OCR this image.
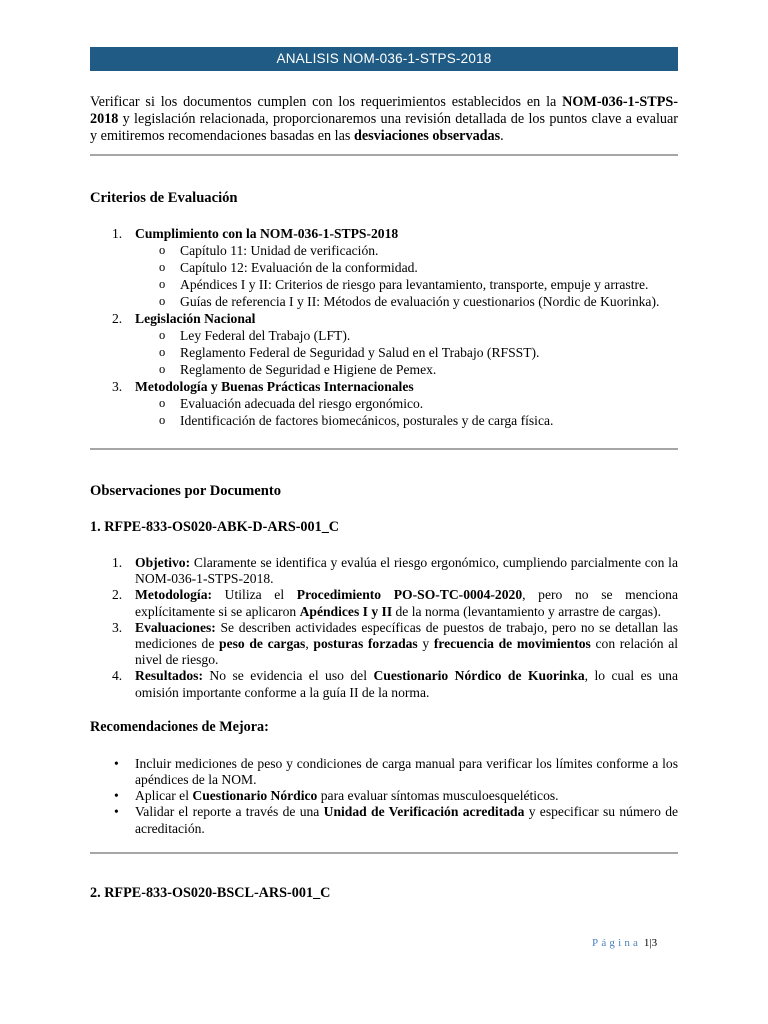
ANALISIS NOM-036-1-STPS-2018

Verificar si los documentos cumplen con los requerimientos establecidos en la NOM-036-1-STPS-2018 y legislación relacionada, proporcionaremos una revisión detallada de los puntos clave a evaluar y emitiremos recomendaciones basadas en las desviaciones observadas.

Criterios de Evaluación
1. Cumplimiento con la NOM-036-1-STPS-2018
o Capítulo 11: Unidad de verificación.
o Capítulo 12: Evaluación de la conformidad.
o Apéndices I y II: Criterios de riesgo para levantamiento, transporte, empuje y arrastre.
o Guías de referencia I y II: Métodos de evaluación y cuestionarios (Nordic de Kuorinka).
2. Legislación Nacional
o Ley Federal del Trabajo (LFT).
o Reglamento Federal de Seguridad y Salud en el Trabajo (RFSST).
o Reglamento de Seguridad e Higiene de Pemex.
3. Metodología y Buenas Prácticas Internacionales
o Evaluación adecuada del riesgo ergonómico.
o Identificación de factores biomecánicos, posturales y de carga física.
Observaciones por Documento
1. RFPE-833-OS020-ABK-D-ARS-001_C
1. Objetivo: Claramente se identifica y evalúa el riesgo ergonómico, cumpliendo parcialmente con la NOM-036-1-STPS-2018.
2. Metodología: Utiliza el Procedimiento PO-SO-TC-0004-2020, pero no se menciona explícitamente si se aplicaron Apéndices I y II de la norma (levantamiento y arrastre de cargas).
3. Evaluaciones: Se describen actividades específicas de puestos de trabajo, pero no se detallan las mediciones de peso de cargas, posturas forzadas y frecuencia de movimientos con relación al nivel de riesgo.
4. Resultados: No se evidencia el uso del Cuestionario Nórdico de Kuorinka, lo cual es una omisión importante conforme a la guía II de la norma.
Recomendaciones de Mejora:
• Incluir mediciones de peso y condiciones de carga manual para verificar los límites conforme a los apéndices de la NOM.
• Aplicar el Cuestionario Nórdico para evaluar síntomas musculoesqueléticos.
• Validar el reporte a través de una Unidad de Verificación acreditada y especificar su número de acreditación.
2. RFPE-833-OS020-BSCL-ARS-001_C
Página 1|3
